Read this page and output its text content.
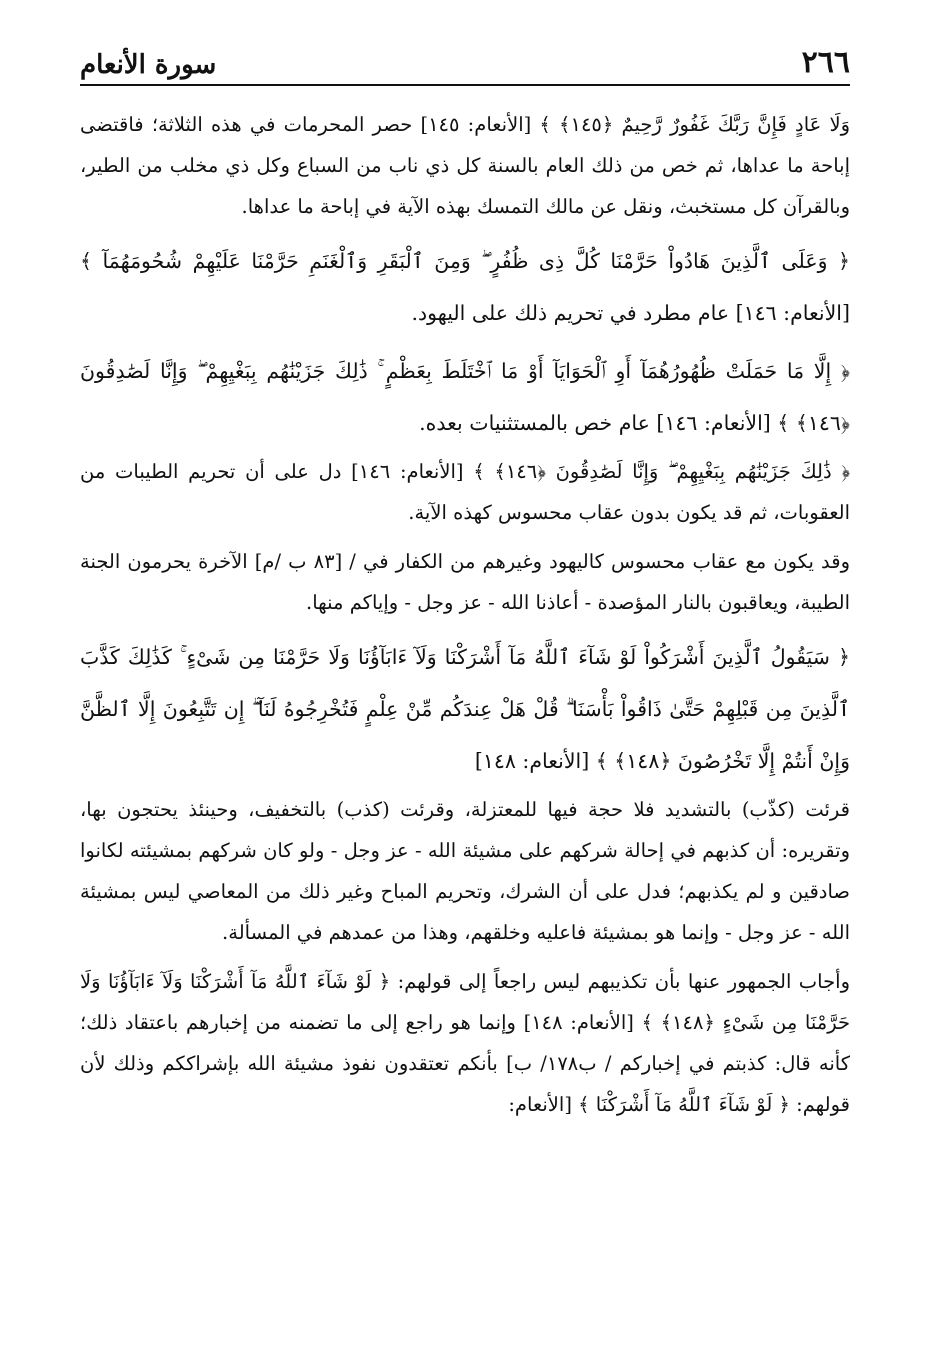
٢٦٦
سورة الأنعام

وَلَا عَادٍ فَإِنَّ رَبَّكَ غَفُورٌ رَّحِيمٌ ﴿١٤٥﴾ ﴾ [الأنعام: ١٤٥] حصر المحرمات في هذه الثلاثة؛ فاقتضى إباحة ما عداها، ثم خص من ذلك العام بالسنة كل ذي ناب من السباع وكل ذي مخلب من الطير، وبالقرآن كل مستخبث، ونقل عن مالك التمسك بهذه الآية في إباحة ما عداها.

﴿ وَعَلَى ٱلَّذِينَ هَادُواْ حَرَّمْنَا كُلَّ ذِى ظُفُرٍ ۖ وَمِنَ ٱلْبَقَرِ وَٱلْغَنَمِ حَرَّمْنَا عَلَيْهِمْ شُحُومَهُمَآ ﴾ [الأنعام: ١٤٦] عام مطرد في تحريم ذلك على اليهود.

﴿ إِلَّا مَا حَمَلَتْ ظُهُورُهُمَآ أَوِ ٱلْحَوَايَآ أَوْ مَا ٱخْتَلَطَ بِعَظْمٍ ۚ ذَٰلِكَ جَزَيْنَٰهُم بِبَغْيِهِمْ ۖ وَإِنَّا لَصَٰدِقُونَ ﴿١٤٦﴾ ﴾ [الأنعام: ١٤٦] عام خص بالمستثنيات بعده.

﴿ ذَٰلِكَ جَزَيْنَٰهُم بِبَغْيِهِمْ ۖ وَإِنَّا لَصَٰدِقُونَ ﴿١٤٦﴾ ﴾ [الأنعام: ١٤٦] دل على أن تحريم الطيبات من العقوبات، ثم قد يكون بدون عقاب محسوس كهذه الآية.

وقد يكون مع عقاب محسوس كاليهود وغيرهم من الكفار في / [٨٣ ب /م] الآخرة يحرمون الجنة الطيبة، ويعاقبون بالنار المؤصدة - أعاذنا الله - عز وجل - وإياكم منها.

﴿ سَيَقُولُ ٱلَّذِينَ أَشْرَكُواْ لَوْ شَآءَ ٱللَّهُ مَآ أَشْرَكْنَا وَلَآ ءَابَآؤُنَا وَلَا حَرَّمْنَا مِن شَىْءٍ ۚ كَذَٰلِكَ كَذَّبَ ٱلَّذِينَ مِن قَبْلِهِمْ حَتَّىٰ ذَاقُواْ بَأْسَنَا ۗ قُلْ هَلْ عِندَكُم مِّنْ عِلْمٍ فَتُخْرِجُوهُ لَنَآ ۖ إِن تَتَّبِعُونَ إِلَّا ٱلظَّنَّ وَإِنْ أَنتُمْ إِلَّا تَخْرُصُونَ ﴿١٤٨﴾ ﴾ [الأنعام: ١٤٨]

قرئت (كذّب) بالتشديد فلا حجة فيها للمعتزلة، وقرئت (كذب) بالتخفيف، وحينئذ يحتجون بها، وتقريره: أن كذبهم في إحالة شركهم على مشيئة الله - عز وجل - ولو كان شركهم بمشيئته لكانوا صادقين و لم يكذبهم؛ فدل على أن الشرك، وتحريم المباح وغير ذلك من المعاصي ليس بمشيئة الله - عز وجل - وإنما هو بمشيئة فاعليه وخلقهم، وهذا من عمدهم في المسألة.

وأجاب الجمهور عنها بأن تكذيبهم ليس راجعاً إلى قولهم: ﴿ لَوْ شَآءَ ٱللَّهُ مَآ أَشْرَكْنَا وَلَآ ءَابَآؤُنَا وَلَا حَرَّمْنَا مِن شَىْءٍ ﴿١٤٨﴾ ﴾ [الأنعام: ١٤٨] وإنما هو راجع إلى ما تضمنه من إخبارهم باعتقاد ذلك؛ كأنه قال: كذبتم في إخباركم / ب١٧٨/ ب] بأنكم تعتقدون نفوذ مشيئة الله بإشراككم وذلك لأن قولهم: ﴿ لَوْ شَآءَ ٱللَّهُ مَآ أَشْرَكْنَا ﴾ [الأنعام:
